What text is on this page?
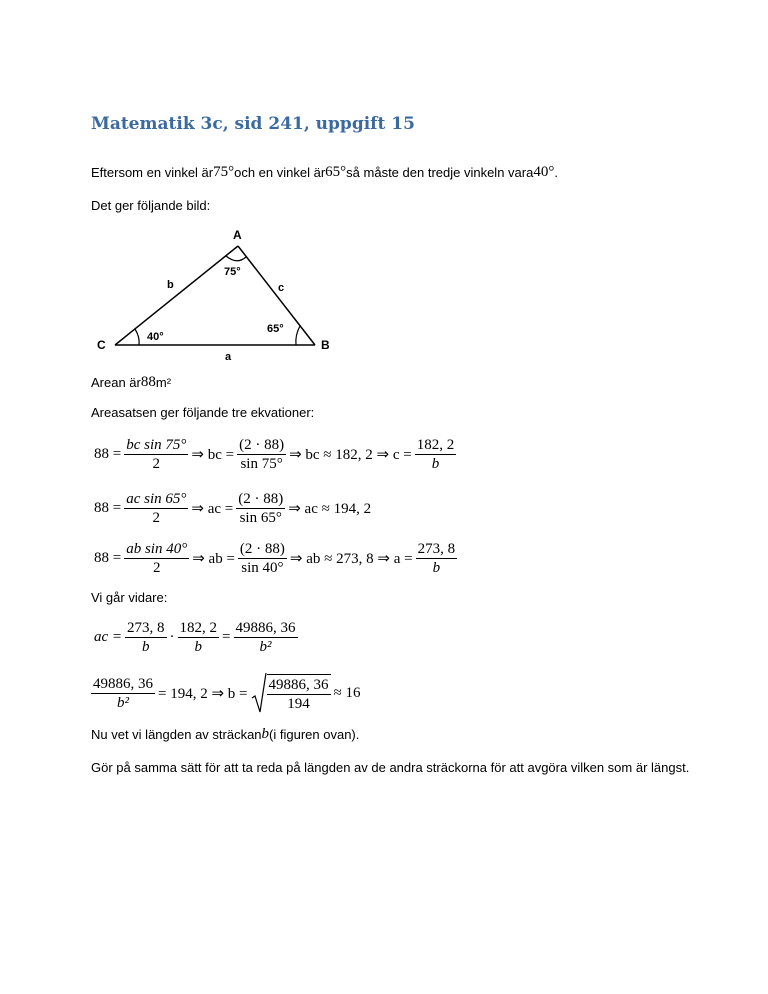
Matematik 3c, sid 241, uppgift 15
Eftersom en vinkel är 75° och en vinkel är 65° så måste den tredje vinkeln vara 40° .
Det ger följande bild:
A
B
C
a
b	c
75°
65°
40°
Arean är 88 m²
Areasatsen ger följande tre ekvationer:
$88 = \frac{\text{bc sin 75°}}{2}$ ⇒ bc = $\frac{(2 \cdot 88)}{\sin 75^\circ}$ ⇒ bc ≈ 182, 2 ⇒ $c = \frac{182, 2}{b}$
$88 = \frac{\text{ac sin 65°}}{2}$ ⇒ ac = $\frac{(2 \cdot 88)}{\sin 65^\circ}$ ⇒ ac ≈ 194, 2
$88 = \frac{\text{ab sin 40°}}{2}$ ⇒ ab = $\frac{(2 \cdot 88)}{\sin 40^\circ}$ ⇒ ab ≈ 273, 8 ⇒ $a = \frac{273, 8}{b}$
Vi går vidare:
ac = $\frac{273, 8}{b} \cdot \frac{182, 2}{b} = \frac{49886, 36}{\text{b²}}$
$\frac{49886, 36}{\text{b²}} = 194$, 2 ⇒ $b = \frac{49886, 36}{194} \approx 16$
Nu vet vi längden av sträckan b (i figuren ovan).
Gör på samma sätt för att ta reda på längden av de andra sträckorna för att avgöra vilken som är längst.
